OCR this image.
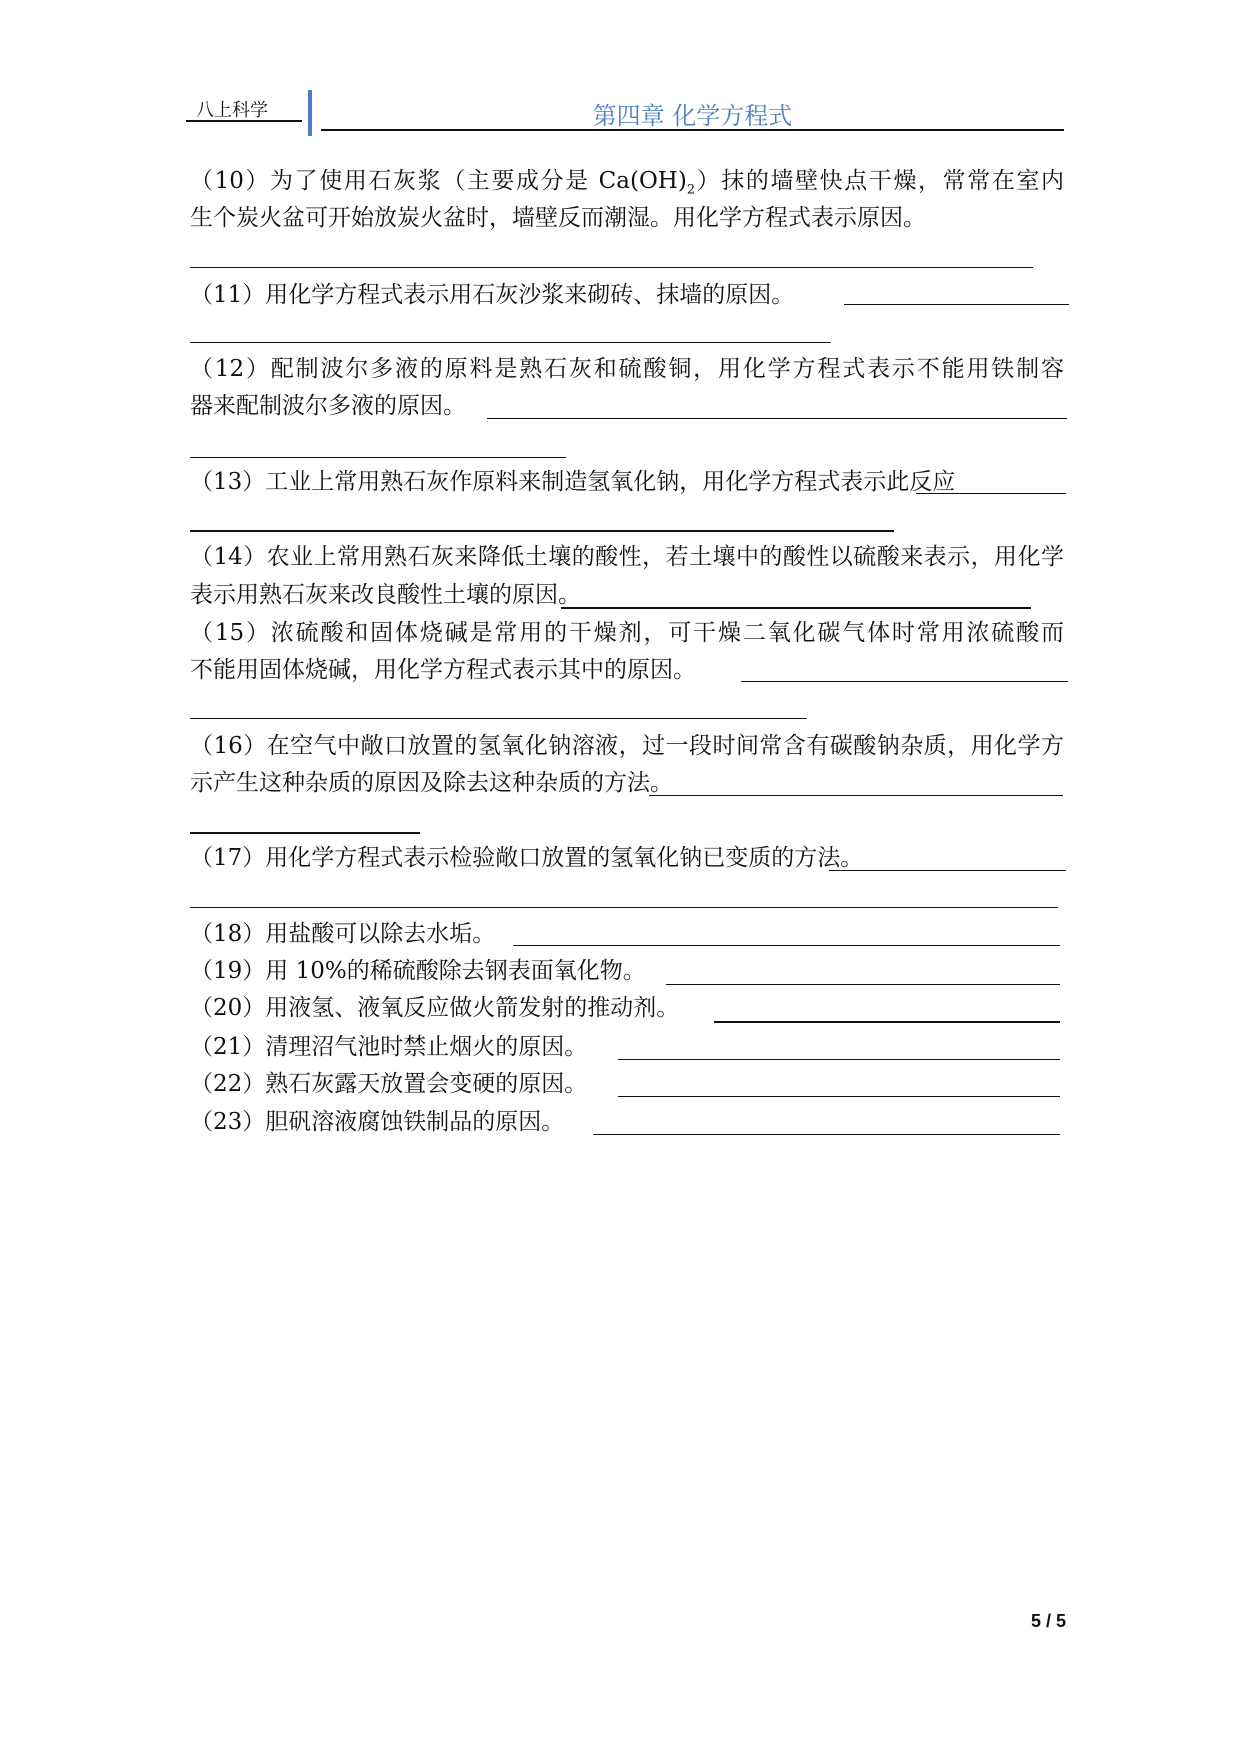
八上科学	第四章 化学方程式
（10）为了使用石灰浆（主要成分是 $Ca(OH)_2$）抹的墙壁快点干燥，常常在室内
生个炭火盆可开始放炭火盆时，墙壁反而潮湿。用化学方程式表示原因。
（11）用化学方程式表示用石灰沙浆来砌砖、抹墙的原因。
（12）配制波尔多液的原料是熟石灰和硫酸铜，用化学方程式表示不能用铁制容
器来配制波尔多液的原因。
（13）工业上常用熟石灰作原料来制造氢氧化钠，用化学方程式表示此反应
（14）农业上常用熟石灰来降低土壤的酸性，若土壤中的酸性以硫酸来表示，用化学
表示用熟石灰来改良酸性土壤的原因。
（15）浓硫酸和固体烧碱是常用的干燥剂，可干燥二氧化碳气体时常用浓硫酸而
不能用固体烧碱，用化学方程式表示其中的原因。
（16）在空气中敞口放置的氢氧化钠溶液，过一段时间常含有碳酸钠杂质，用化学方
示产生这种杂质的原因及除去这种杂质的方法。
（17）用化学方程式表示检验敞口放置的氢氧化钠已变质的方法。
（18）用盐酸可以除去水垢。
（19）用 10%的稀硫酸除去钢表面氧化物。
（20）用液氢、液氧反应做火箭发射的推动剂。
（21）清理沼气池时禁止烟火的原因。
（22）熟石灰露天放置会变硬的原因。
（23）胆矾溶液腐蚀铁制品的原因。
5 / 5
